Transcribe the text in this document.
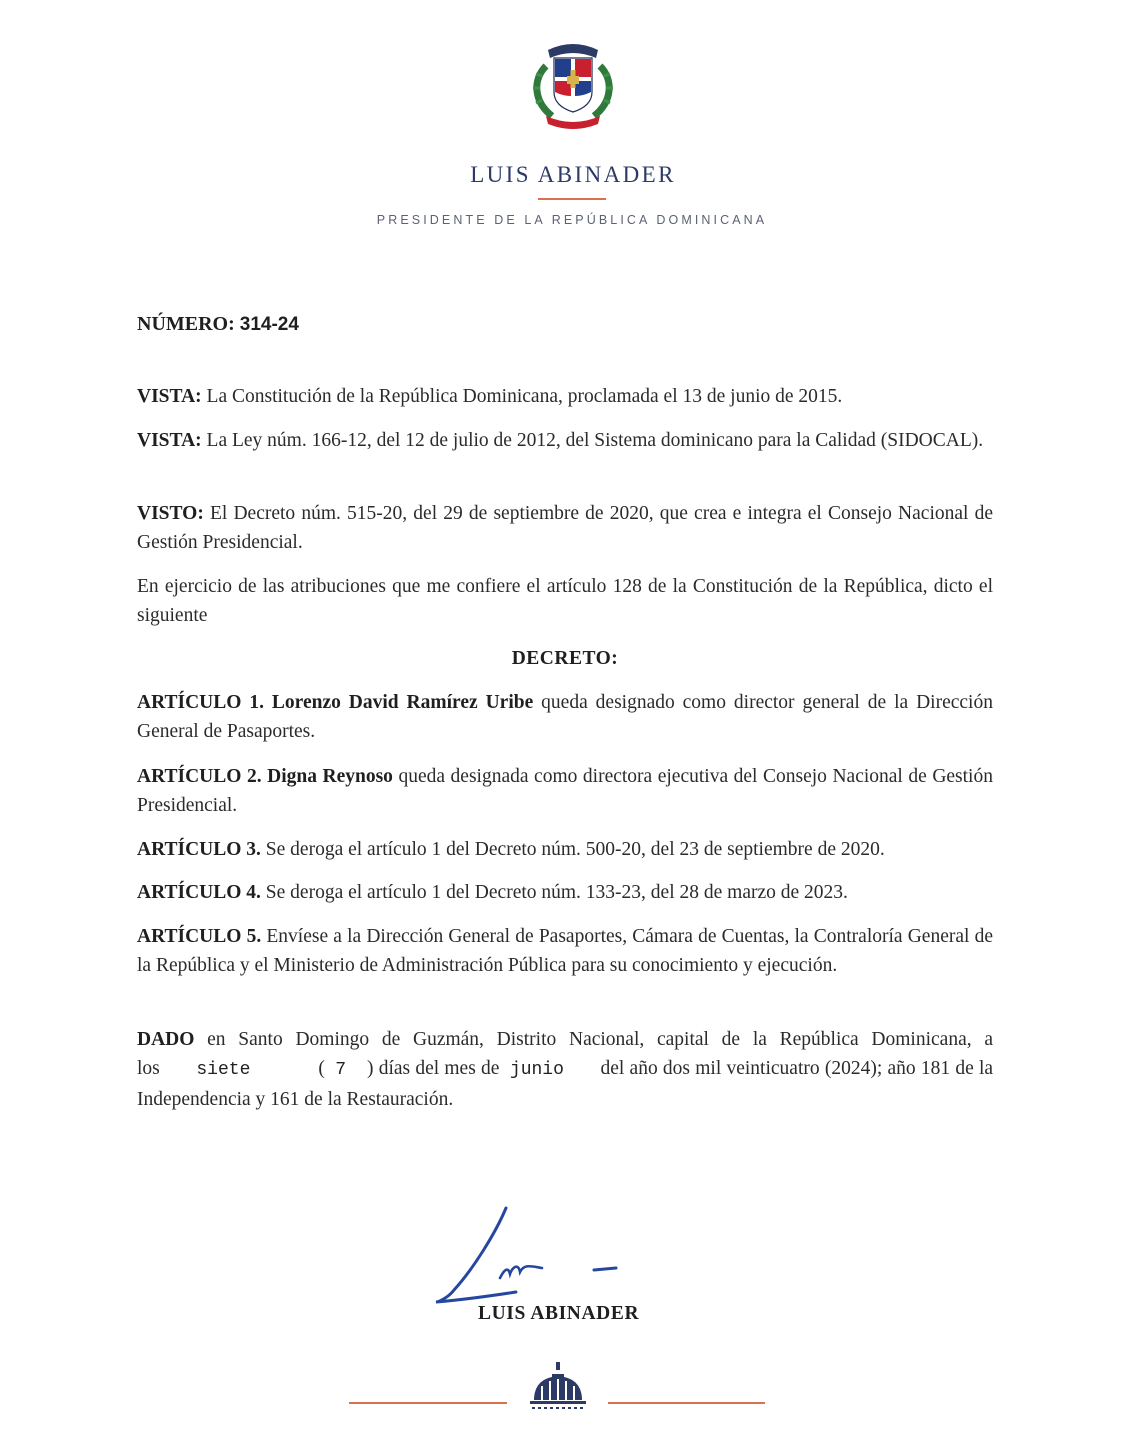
LUIS ABINADER
PRESIDENTE DE LA REPÚBLICA DOMINICANA
NÚMERO: 314-24
VISTA: La Constitución de la República Dominicana, proclamada el 13 de junio de 2015.
VISTA: La Ley núm. 166-12, del 12 de julio de 2012, del Sistema dominicano para la Calidad (SIDOCAL).
VISTO: El Decreto núm. 515-20, del 29 de septiembre de 2020, que crea e integra el Consejo Nacional de Gestión Presidencial.
En ejercicio de las atribuciones que me confiere el artículo 128 de la Constitución de la República, dicto el siguiente
DECRETO:
ARTÍCULO 1. Lorenzo David Ramírez Uribe queda designado como director general de la Dirección General de Pasaportes.
ARTÍCULO 2. Digna Reynoso queda designada como directora ejecutiva del Consejo Nacional de Gestión Presidencial.
ARTÍCULO 3. Se deroga el artículo 1 del Decreto núm. 500-20, del 23 de septiembre de 2020.
ARTÍCULO 4. Se deroga el artículo 1 del Decreto núm. 133-23, del 28 de marzo de 2023.
ARTÍCULO 5. Envíese a la Dirección General de Pasaportes, Cámara de Cuentas, la Contraloría General de la República y el Ministerio de Administración Pública para su conocimiento y ejecución.
DADO en Santo Domingo de Guzmán, Distrito Nacional, capital de la República Dominicana, a los siete	( 7 ) días del mes de junio del año dos mil veinticuatro (2024); año 181 de la Independencia y 161 de la Restauración.
LUIS ABINADER
